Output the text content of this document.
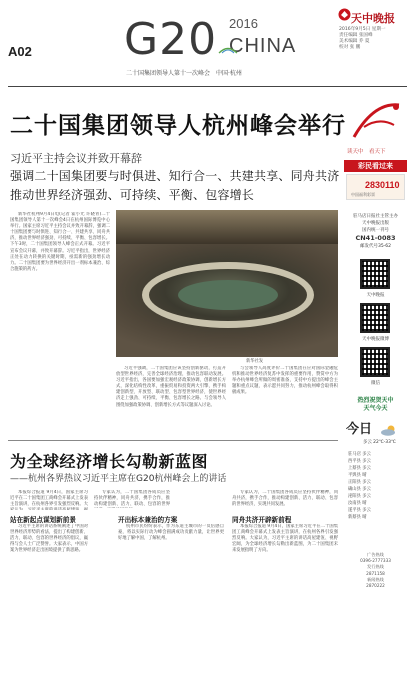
A02 G20 2016
CHINA
二十国集团领导人第十一次峰会　中国·杭州
天中晚报
2016年9月5日 星期一
责任编辑 张国峰
美术编辑 乔 夏
校对 张 鹏
二十国集团领导人杭州峰会举行
习近平主持会议并致开幕辞
强调二十国集团要与时俱进、知行合一、共建共享、同舟共济
推动世界经济强劲、可持续、平衡、包容增长

新华社杭州9月4日电(记者 霍小光 许晓青)二十国集团领导人第十一次峰会4日在杭州国际博览中心举行。国家主席习近平主持会议并致开幕辞，强调二十国集团要与时俱进、知行合一、共建共享、同舟共济，推动世界经济强劲、可持续、平衡、包容增长。下午3时，二十国集团领导人峰会正式开幕。习近平宣布会议开幕，并致开幕辞。习近平指出，世界经济正处在动力转换的关键时期，亟需新的强劲增长动力。二十国集团要为世界经济开出一剂标本兼治、综合施策的药方。

新华社发

习近平强调，二十国集团应该坚持创新驱动，打造开放型世界经济，完善全球经济治理，推动包容联动发展。习近平指出，各国要加强宏观经济政策协调，创新增长方式，深化结构性改革，重振贸易和投资两大引擎，携手构建创新型、开放型、联动型、包容型世界经济，使世界经济走上强劲、可持续、平衡、包容增长之路。与会领导人围绕加强政策协调、创新增长方式等议题深入讨论。

与会领导人高度评价二十国集团在应对国际金融危机和推动世界经济复苏中发挥的重要作用，赞赏中方为举办杭州峰会所做的周密准备，支持中方提出的峰会主题和重点议题，表示愿共同努力，推动杭州峰会取得积极成果。

读天中　看天下
彩民看过来
2830110
中国福利彩票
驻马店日报社主管主办
天中晚报出版
国内统一刊号
CN41-0083
邮发代号35-62
天中晚报
天中晚报微博
微信
热烈祝贺天中
天气今天
今日
多云 22℃-33℃
驻马店 多云
西平县 多云
上蔡县 多云
平舆县 晴
正阳县 多云
确山县 多云
泌阳县 多云
汝南县 晴
遂平县 多云
新蔡县 晴
广告热线
0396-2777333
发行热线
2871158
新闻热线
2870222
为全球经济增长勾勒新蓝图
——杭州各界热议习近平主席在G20杭州峰会上的讲话

本报综合报道 9月4日，国家主席习近平在二十国集团工商峰会开幕式上发表主旨演讲，在杭州各界引发强烈反响。大

站在新起点谋划新前景

习近平主席的讲话系统阐述了中国对世界经济形势的看法，提出了构建创新、活力、联动、包容的世界经济的倡议，赢得与会人士广泛赞誉。大家表示，中国方案为世界经济走出困境提供了新思路。

专家认为，二十国集团各成员应坚持伙伴精神，同舟共济，携手合作，推动构建创新、活力、联动、包容的世界

开出标本兼治的方案

杭州市民纷纷表示，作为东道主城市的一员倍感自豪，将以实际行动为峰会圆满成功贡献力量，让世界更好地了解中国、了解杭州。

同舟共济开辟新前程

专家认为，二十国集团各成员应坚持伙伴精神，同舟共济，携手合作，推动构建创新、活力、联动、包容的世界经济，实现共同发展。

本报综合报道 9月4日，国家主席习近平在二十国集团工商峰会开幕式上发表主旨演讲，在杭州各界引发强烈反响。大家认为，习近平主席的讲话高屋建瓴、视野宏阔，为全球经济增长勾勒出新蓝图，为二十国集团未来发展指明了方向。
